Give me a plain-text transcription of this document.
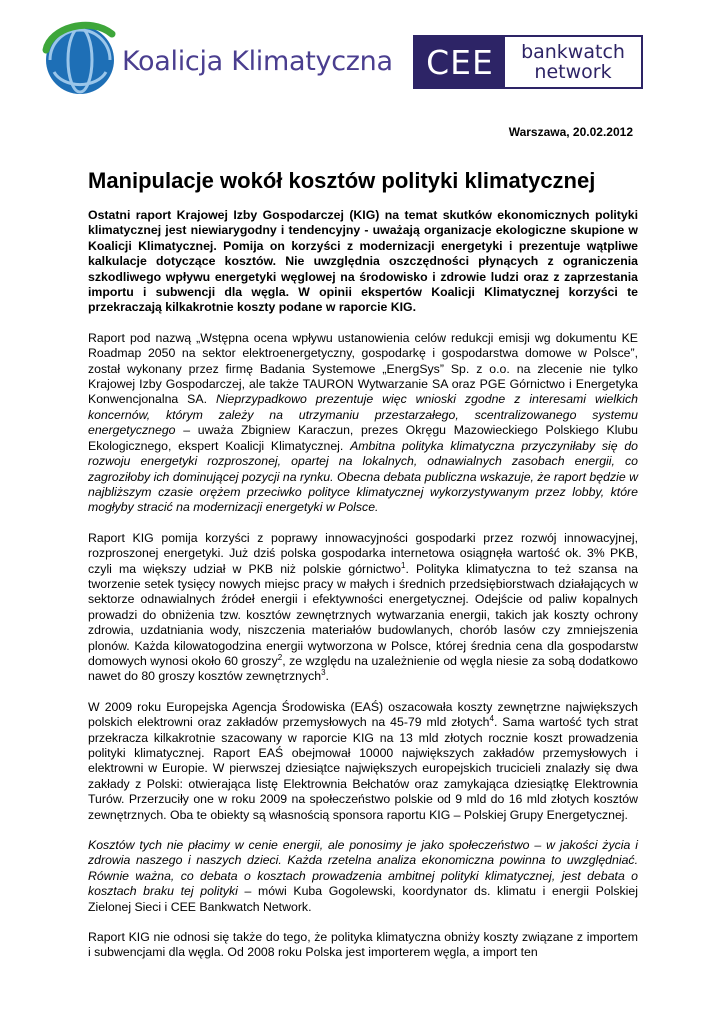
Koalicja Klimatyczna	CEE	bankwatch
network
Warszawa, 20.02.2012
Manipulacje wokół kosztów polityki klimatycznej

Ostatni raport Krajowej Izby Gospodarczej (KIG) na temat skutków ekonomicznych polityki klimatycznej jest niewiarygodny i tendencyjny - uważają organizacje ekologiczne skupione w Koalicji Klimatycznej. Pomija on korzyści z modernizacji energetyki i prezentuje wątpliwe kalkulacje dotyczące kosztów. Nie uwzględnia oszczędności płynących z ograniczenia szkodliwego wpływu energetyki węglowej na środowisko i zdrowie ludzi oraz z zaprzestania importu i subwencji dla węgla. W opinii ekspertów Koalicji Klimatycznej korzyści te przekraczają kilkakrotnie koszty podane w raporcie KIG.

Raport pod nazwą „Wstępna ocena wpływu ustanowienia celów redukcji emisji wg dokumentu KE Roadmap 2050 na sektor elektroenergetyczny, gospodarkę i gospodarstwa domowe w Polsce”, został wykonany przez firmę Badania Systemowe „EnergSys” Sp. z o.o. na zlecenie nie tylko Krajowej Izby Gospodarczej, ale także TAURON Wytwarzanie SA oraz PGE Górnictwo i Energetyka Konwencjonalna SA. Nieprzypadkowo prezentuje więc wnioski zgodne z interesami wielkich koncernów, którym zależy na utrzymaniu przestarzałego, scentralizowanego systemu energetycznego – uważa Zbigniew Karaczun, prezes Okręgu Mazowieckiego Polskiego Klubu Ekologicznego, ekspert Koalicji Klimatycznej. Ambitna polityka klimatyczna przyczyniłaby się do rozwoju energetyki rozproszonej, opartej na lokalnych, odnawialnych zasobach energii, co zagroziłoby ich dominującej pozycji na rynku. Obecna debata publiczna wskazuje, że raport będzie w najbliższym czasie orężem przeciwko polityce klimatycznej wykorzystywanym przez lobby, które mogłyby stracić na modernizacji energetyki w Polsce.

Raport KIG pomija korzyści z poprawy innowacyjności gospodarki przez rozwój innowacyjnej, rozproszonej energetyki. Już dziś polska gospodarka internetowa osiągnęła wartość ok. 3% PKB, czyli ma większy udział w PKB niż polskie górnictwo$^1$. Polityka klimatyczna to też szansa na tworzenie setek tysięcy nowych miejsc pracy w małych i średnich przedsiębiorstwach działających w sektorze odnawialnych źródeł energii i efektywności energetycznej. Odejście od paliw kopalnych prowadzi do obniżenia tzw. kosztów zewnętrznych wytwarzania energii, takich jak koszty ochrony zdrowia, uzdatniania wody, niszczenia materiałów budowlanych, chorób lasów czy zmniejszenia plonów. Każda kilowatogodzina energii wytworzona w Polsce, której średnia cena dla gospodarstw domowych wynosi około 60 groszy$^2$, ze względu na uzależnienie od węgla niesie za sobą dodatkowo nawet do 80 groszy kosztów zewnętrznych$^3$.

W 2009 roku Europejska Agencja Środowiska (EAŚ) oszacowała koszty zewnętrzne największych polskich elektrowni oraz zakładów przemysłowych na 45-79 mld złotych$^4$. Sama wartość tych strat przekracza kilkakrotnie szacowany w raporcie KIG na 13 mld złotych rocznie koszt prowadzenia polityki klimatycznej. Raport EAŚ obejmował 10000 największych zakładów przemysłowych i elektrowni w Europie. W pierwszej dziesiątce największych europejskich trucicieli znalazły się dwa zakłady z Polski: otwierająca listę Elektrownia Bełchatów oraz zamykająca dziesiątkę Elektrownia Turów. Przerzuciły one w roku 2009 na społeczeństwo polskie od 9 mld do 16 mld złotych kosztów zewnętrznych. Oba te obiekty są własnością sponsora raportu KIG – Polskiej Grupy Energetycznej.

Kosztów tych nie płacimy w cenie energii, ale ponosimy je jako społeczeństwo – w jakości życia i zdrowia naszego i naszych dzieci. Każda rzetelna analiza ekonomiczna powinna to uwzględniać. Równie ważna, co debata o kosztach prowadzenia ambitnej polityki klimatycznej, jest debata o kosztach braku tej polityki – mówi Kuba Gogolewski, koordynator ds. klimatu i energii Polskiej Zielonej Sieci i CEE Bankwatch Network.

Raport KIG nie odnosi się także do tego, że polityka klimatyczna obniży koszty związane z importem i subwencjami dla węgla. Od 2008 roku Polska jest importerem węgla, a import ten
